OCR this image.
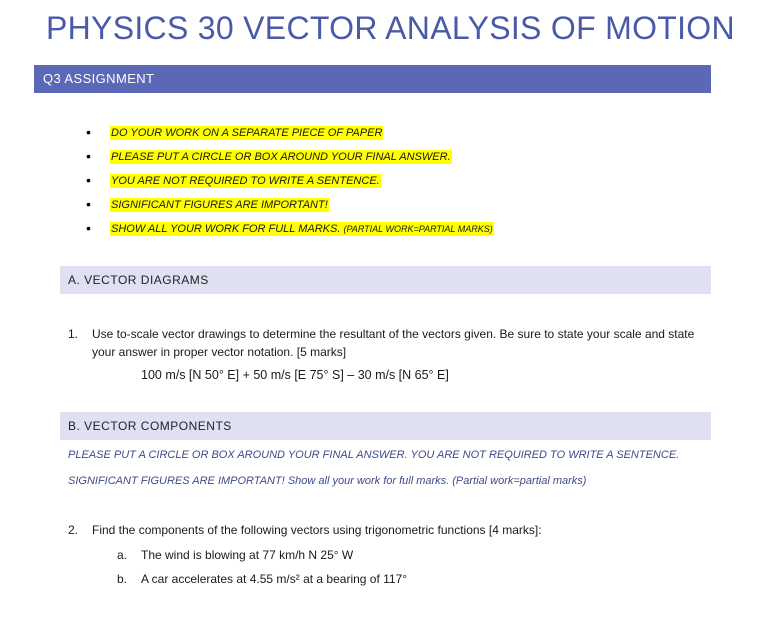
PHYSICS 30 VECTOR ANALYSIS OF MOTION
Q3 ASSIGNMENT
DO YOUR WORK ON A SEPARATE PIECE OF PAPER
PLEASE PUT A CIRCLE OR BOX AROUND YOUR FINAL ANSWER.
YOU ARE NOT REQUIRED TO WRITE A SENTENCE.
SIGNIFICANT FIGURES ARE IMPORTANT!
SHOW ALL YOUR WORK FOR FULL MARKS. (PARTIAL WORK=PARTIAL MARKS)
A. VECTOR DIAGRAMS
1. Use to-scale vector drawings to determine the resultant of the vectors given. Be sure to state your scale and state your answer in proper vector notation. [5 marks]
100 m/s [N 50° E] + 50 m/s [E 75° S] – 30 m/s [N 65° E]
B. VECTOR COMPONENTS
PLEASE PUT A CIRCLE OR BOX AROUND YOUR FINAL ANSWER. YOU ARE NOT REQUIRED TO WRITE A SENTENCE.
SIGNIFICANT FIGURES ARE IMPORTANT! Show all your work for full marks. (Partial work=partial marks)
2. Find the components of the following vectors using trigonometric functions [4 marks]:
a. The wind is blowing at 77 km/h N 25° W
b. A car accelerates at 4.55 m/s² at a bearing of 117°
